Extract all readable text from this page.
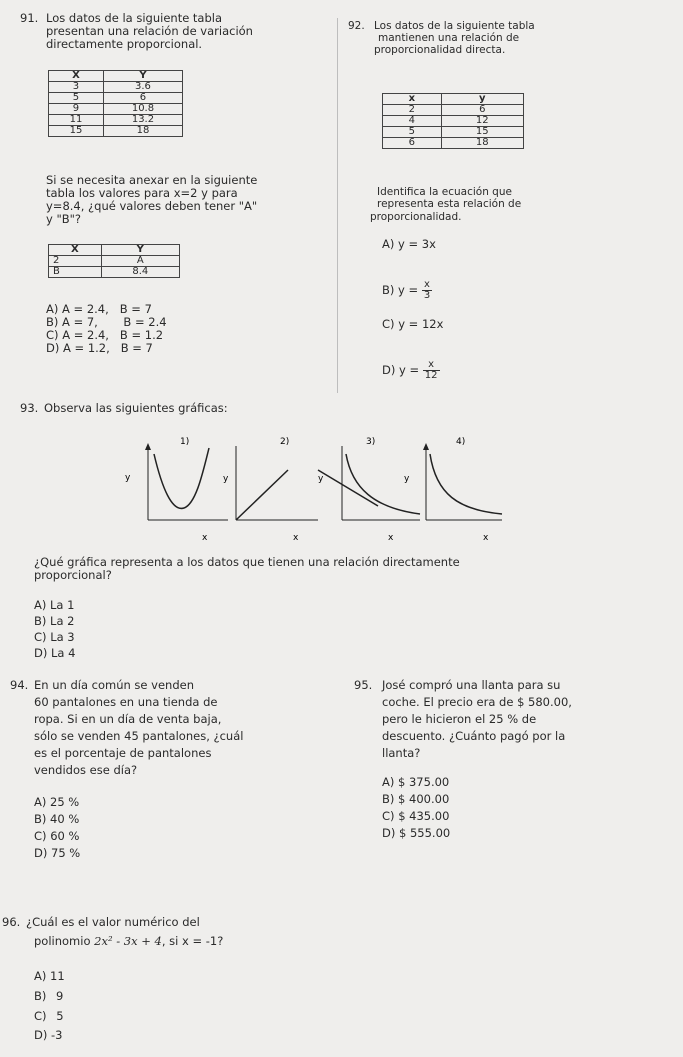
91. Los datos de la siguiente tabla
presentan una relación de variación
directamente proporcional.
X	Y
3	3.6
5	6
9	10.8
11	13.2
15	18
Si se necesita anexar en la siguiente
tabla los valores para x=2 y para
y=8.4, ¿qué valores deben tener "A"
y "B"?
X	Y
2	A
B	8.4
A) A = 2.4,   B = 7
B) A = 7,       B = 2.4
C) A = 2.4,   B = 1.2
D) A = 1.2,   B = 7
92. Los datos de la siguiente tabla
mantienen una relación de
proporcionalidad directa.
x	y
2	6
4	12
5	15
6	18
Identifica la ecuación que
representa esta relación de
proporcionalidad.
A) y = 3x
B) $y = \frac{x}{3}$
C) y = 12x
D) $y = \frac{x}{12}$
93. Observa las siguientes gráficas:
1)
y
x
2)
y
x
3)
y
x
4)
y
x
¿Qué gráfica representa a los datos que tienen una relación directamente
proporcional?
A) La 1
B) La 2
C) La 3
D) La 4
94. En un día común se venden
60 pantalones en una tienda de
ropa. Si en un día de venta baja,
sólo se venden 45 pantalones, ¿cuál
es el porcentaje de pantalones
vendidos ese día?
A) 25 %
B) 40 %
C) 60 %
D) 75 %
95. José compró una llanta para su
coche. El precio era de $ 580.00,
pero le hicieron el 25 % de
descuento. ¿Cuánto pagó por la
llanta?
A) $ 375.00
B) $ 400.00
C) $ 435.00
D) $ 555.00
96. ¿Cuál es el valor numérico del
polinomio 2x² - 3x + 4, si x = -1?
A) 11
B) 9
C) 5
D) -3
